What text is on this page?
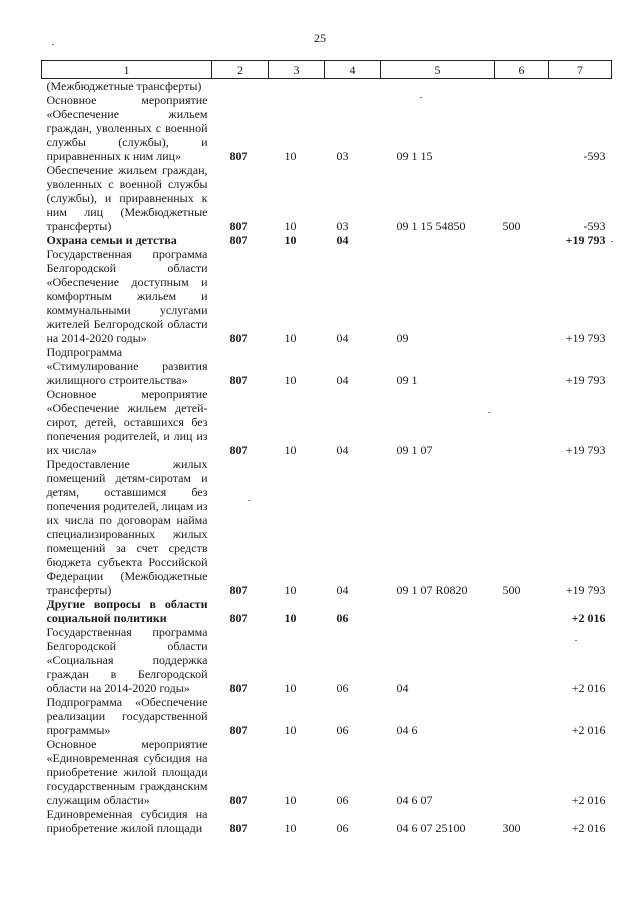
25
1	2	3	4	5	6	7
(Межбюджетные трансферты)						
Основное мероприятие «Обеспечение жильем граждан, уволенных с военной службы (службы), и приравненных к ним лиц»	807	10	03	09 1 15		-593
Обеспечение жильем граждан, уволенных с военной службы (службы), и приравненных к ним лиц (Межбюджетные трансферты)	807	10	03	09 1 15 54850	500	-593
Охрана семьи и детства	807	10	04			+19 793
Государственная программа Белгородской области «Обеспечение доступным и комфортным жильем и коммунальными услугами жителей Белгородской области на 2014-2020 годы»	807	10	04	09		+19 793
Подпрограмма «Стимулирование развития жилищного строительства»	807	10	04	09 1		+19 793
Основное мероприятие «Обеспечение жильем детей-сирот, детей, оставшихся без попечения родителей, и лиц из их числа»	807	10	04	09 1 07		+19 793
Предоставление жилых помещений детям-сиротам и детям, оставшимся без попечения родителей, лицам из их числа по договорам найма специализированных жилых помещений за счет средств бюджета субъекта Российской Федерации (Межбюджетные трансферты)	807	10	04	09 1 07 R0820	500	+19 793
Другие вопросы в области социальной политики	807	10	06			+2 016
Государственная программа Белгородской области «Социальная поддержка граждан в Белгородской области на 2014-2020 годы»	807	10	06	04		+2 016
Подпрограмма «Обеспечение реализации государственной программы»	807	10	06	04 6		+2 016
Основное мероприятие «Единовременная субсидия на приобретение жилой площади государственным гражданским служащим области»	807	10	06	04 6 07		+2 016
Единовременная субсидия на приобретение жилой площади	807	10	06	04 6 07 25100	300	+2 016
